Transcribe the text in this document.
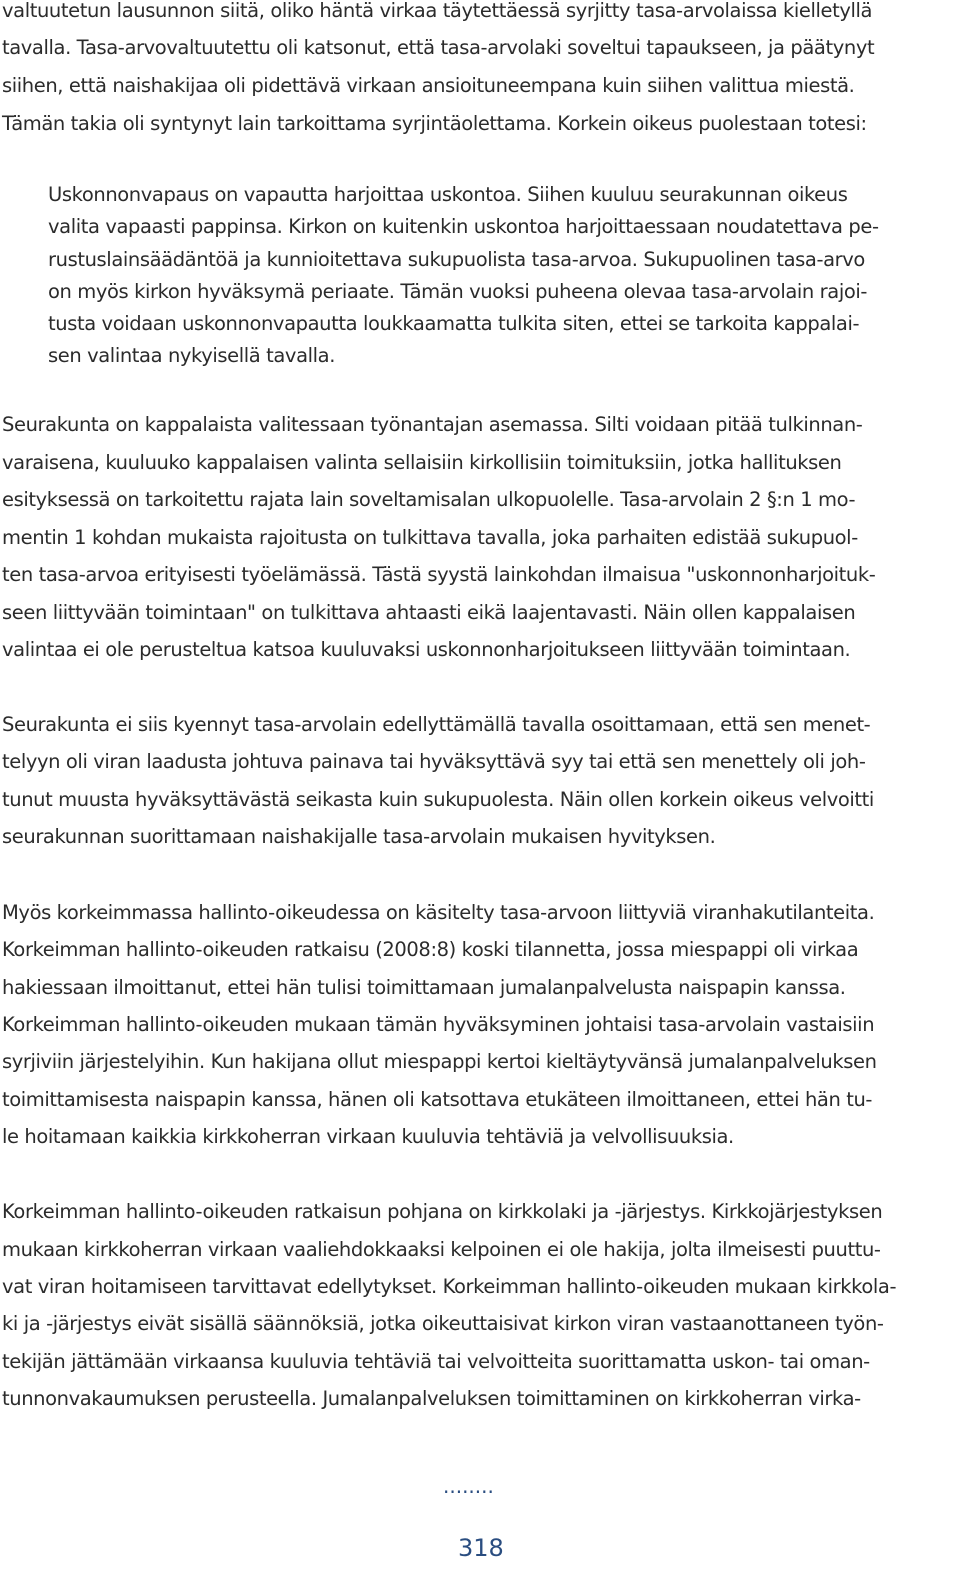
valtuutetun lausunnon siitä, oliko häntä virkaa täytettäessä syrjitty tasa-arvolaissa kielletyllä
tavalla. Tasa-arvovaltuutettu oli katsonut, että tasa-arvolaki soveltui tapaukseen, ja päätynyt
siihen, että naishakijaa oli pidettävä virkaan ansioituneempana kuin siihen valittua miestä.
Tämän takia oli syntynyt lain tarkoittama syrjintäolettama. Korkein oikeus puolestaan totesi:
Uskonnonvapaus on vapautta harjoittaa uskontoa. Siihen kuuluu seurakunnan oikeus
valita vapaasti pappinsa. Kirkon on kuitenkin uskontoa harjoittaessaan noudatettava pe-
rustuslainsäädäntöä ja kunnioitettava sukupuolista tasa-arvoa. Sukupuolinen tasa-arvo
on myös kirkon hyväksymä periaate. Tämän vuoksi puheena olevaa tasa-arvolain rajoi-
tusta voidaan uskonnonvapautta loukkaamatta tulkita siten, ettei se tarkoita kappalai-
sen valintaa nykyisellä tavalla.
Seurakunta on kappalaista valitessaan työnantajan asemassa. Silti voidaan pitää tulkinnan-
varaisena, kuuluuko kappalaisen valinta sellaisiin kirkollisiin toimituksiin, jotka hallituksen
esityksessä on tarkoitettu rajata lain soveltamisalan ulkopuolelle. Tasa-arvolain 2 §:n 1 mo-
mentin 1 kohdan mukaista rajoitusta on tulkittava tavalla, joka parhaiten edistää sukupuol-
ten tasa-arvoa erityisesti työelämässä. Tästä syystä lainkohdan ilmaisua "uskonnonharjoituk-
seen liittyvään toimintaan" on tulkittava ahtaasti eikä laajentavasti. Näin ollen kappalaisen
valintaa ei ole perusteltua katsoa kuuluvaksi uskonnonharjoitukseen liittyvään toimintaan.
Seurakunta ei siis kyennyt tasa-arvolain edellyttämällä tavalla osoittamaan, että sen menet-
telyyn oli viran laadusta johtuva painava tai hyväksyttävä syy tai että sen menettely oli joh-
tunut muusta hyväksyttävästä seikasta kuin sukupuolesta. Näin ollen korkein oikeus velvoitti
seurakunnan suorittamaan naishakijalle tasa-arvolain mukaisen hyvityksen.
Myös korkeimmassa hallinto-oikeudessa on käsitelty tasa-arvoon liittyviä viranhakutilanteita.
Korkeimman hallinto-oikeuden ratkaisu (2008:8) koski tilannetta, jossa miespappi oli virkaa
hakiessaan ilmoittanut, ettei hän tulisi toimittamaan jumalanpalvelusta naispapin kanssa.
Korkeimman hallinto-oikeuden mukaan tämän hyväksyminen johtaisi tasa-arvolain vastaisiin
syrjiviin järjestelyihin. Kun hakijana ollut miespappi kertoi kieltäytyvänsä jumalanpalveluksen
toimittamisesta naispapin kanssa, hänen oli katsottava etukäteen ilmoittaneen, ettei hän tu-
le hoitamaan kaikkia kirkkoherran virkaan kuuluvia tehtäviä ja velvollisuuksia.
Korkeimman hallinto-oikeuden ratkaisun pohjana on kirkkolaki ja -järjestys. Kirkkojärjestyksen
mukaan kirkkoherran virkaan vaaliehdokkaaksi kelpoinen ei ole hakija, jolta ilmeisesti puuttu-
vat viran hoitamiseen tarvittavat edellytykset. Korkeimman hallinto-oikeuden mukaan kirkkola-
ki ja -järjestys eivät sisällä säännöksiä, jotka oikeuttaisivat kirkon viran vastaanottaneen työn-
tekijän jättämään virkaansa kuuluvia tehtäviä tai velvoitteita suorittamatta uskon- tai oman-
tunnonvakaumuksen perusteella. Jumalanpalveluksen toimittaminen on kirkkoherran virka-
........
318
